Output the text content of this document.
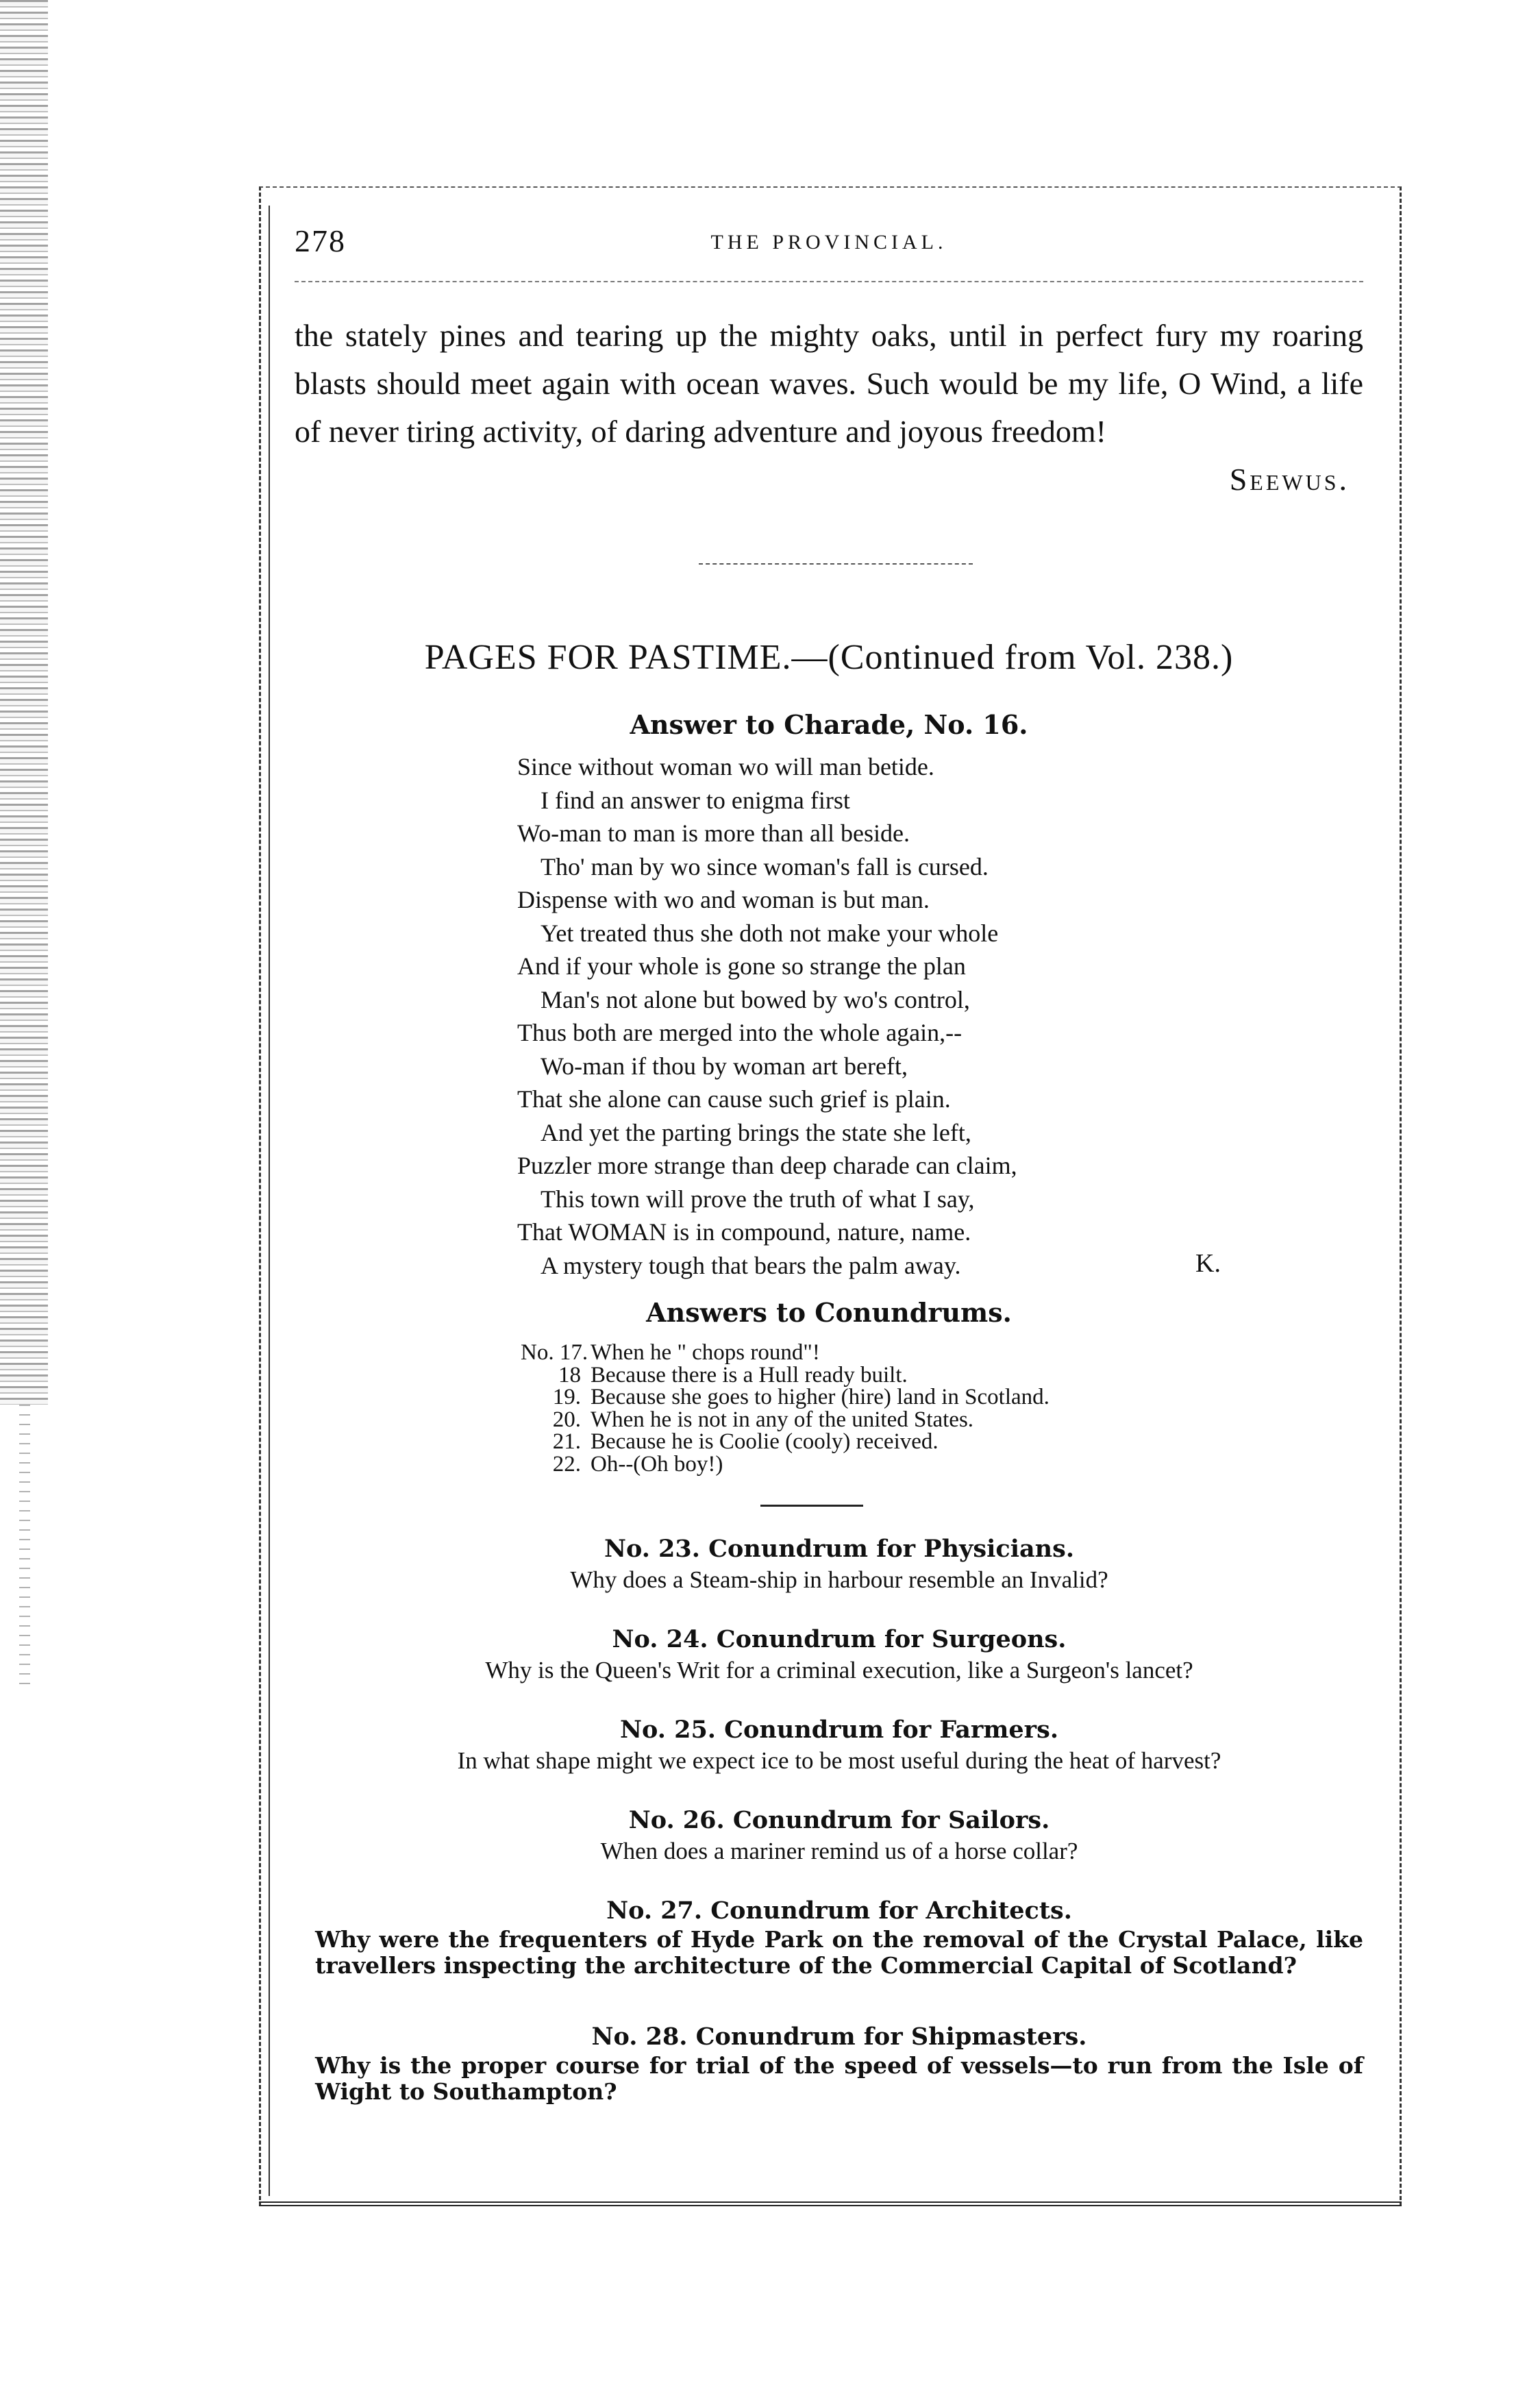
278	THE PROVINCIAL.

the stately pines and tearing up the mighty oaks, until in perfect fury my roaring blasts should meet again with ocean waves. Such would be my life, O Wind, a life of never tiring activity, of daring adventure and joyous freedom!

Seewus.
PAGES FOR PASTIME.—(Continued from Vol. 238.)
Answer to Charade, No. 16.
Since without woman wo will man betide.
I find an answer to enigma first
Wo-man to man is more than all beside.
Tho' man by wo since woman's fall is cursed.
Dispense with wo and woman is but man.
Yet treated thus she doth not make your whole
And if your whole is gone so strange the plan
Man's not alone but bowed by wo's control,
Thus both are merged into the whole again,--
Wo-man if thou by woman art bereft,
That she alone can cause such grief is plain.
And yet the parting brings the state she left,
Puzzler more strange than deep charade can claim,
This town will prove the truth of what I say,
That WOMAN is in compound, nature, name.
A mystery tough that bears the palm away.	K.
Answers to Conundrums.
No. 17. When he " chops round"!
18 Because there is a Hull ready built.
19. Because she goes to higher (hire) land in Scotland.
20. When he is not in any of the united States.
21. Because he is Coolie (cooly) received.
22. Oh--(Oh boy!)
No. 23. Conundrum for Physicians.
Why does a Steam-ship in harbour resemble an Invalid?
No. 24. Conundrum for Surgeons.
Why is the Queen's Writ for a criminal execution, like a Surgeon's lancet?
No. 25. Conundrum for Farmers.
In what shape might we expect ice to be most useful during the heat of harvest?
No. 26. Conundrum for Sailors.
When does a mariner remind us of a horse collar?
No. 27. Conundrum for Architects.
Why were the frequenters of Hyde Park on the removal of the Crystal Palace, like travellers inspecting the architecture of the Commercial Capital of Scotland?
No. 28. Conundrum for Shipmasters.
Why is the proper course for trial of the speed of vessels—to run from the Isle of Wight to Southampton?
